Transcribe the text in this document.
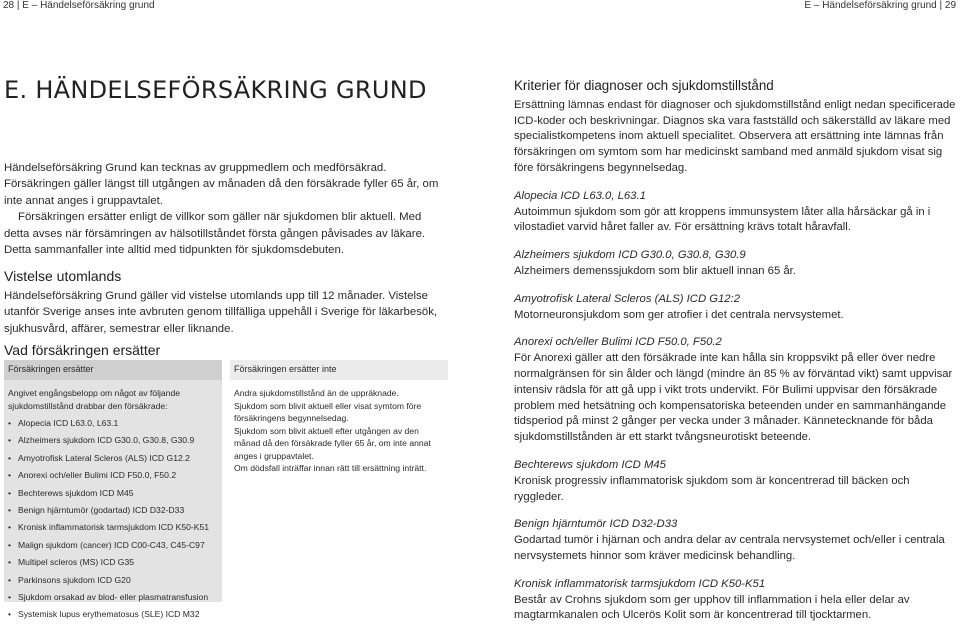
28 | E – Händelseförsäkring grund	E – Händelseförsäkring grund | 29
E. HÄNDELSEFÖRSÄKRING GRUND

Händelseförsäkring Grund kan tecknas av gruppmedlem och medförsäkrad. Försäkringen gäller längst till utgången av månaden då den försäkrade fyller 65 år, om inte annat anges i gruppavtalet.

Försäkringen ersätter enligt de villkor som gäller när sjukdomen blir aktuell. Med detta avses när försämringen av hälsotillståndet första gången påvisades av läkare. Detta sammanfaller inte alltid med tidpunkten för sjukdomsdebuten.

Vistelse utomlands

Händelseförsäkring Grund gäller vid vistelse utomlands upp till 12 månader. Vistelse utanför Sverige anses inte avbruten genom tillfälliga uppehåll i Sverige för läkarbesök, sjukhusvård, affärer, semestrar eller liknande.

Vad försäkringen ersätter
Försäkringen ersätter

Angivet engångsbelopp om något av följande sjukdomstillstånd drabbar den försäkrade:

• Alopecia ICD L63.0, L63.1
• Alzheimers sjukdom ICD G30.0, G30.8, G30.9
• Amyotrofisk Lateral Scleros (ALS) ICD G12.2
• Anorexi och/eller Bulimi ICD F50.0, F50.2
• Bechterews sjukdom ICD M45
• Benign hjärntumör (godartad) ICD D32-D33
• Kronisk inflammatorisk tarmsjukdom ICD K50-K51
• Malign sjukdom (cancer) ICD C00-C43, C45-C97
• Multipel scleros (MS) ICD G35
• Parkinsons sjukdom ICD G20
• Sjukdom orsakad av blod- eller plasmatransfusion
• Systemisk lupus erythematosus (SLE) ICD M32
Försäkringen ersätter inte

Andra sjukdomstillstånd än de uppräknade.

Sjukdom som blivit aktuell eller visat symtom före försäkringens begynnelsedag.

Sjukdom som blivit aktuell efter utgången av den månad då den försäkrade fyller 65 år, om inte annat anges i gruppavtalet.

Om dödsfall inträffar innan rätt till ersättning inträtt.

Kriterier för diagnoser och sjukdomstillstånd

Ersättning lämnas endast för diagnoser och sjukdomstillstånd enligt nedan specificerade ICD-koder och beskrivningar. Diagnos ska vara fastställd och säkerställd av läkare med specialistkompetens inom aktuell specialitet. Observera att ersättning inte lämnas från försäkringen om symtom som har medicinskt samband med anmäld sjukdom visat sig före försäkringens begynnelsedag.

Alopecia ICD L63.0, L63.1

Autoimmun sjukdom som gör att kroppens immunsystem låter alla hårsäckar gå in i vilostadiet varvid håret faller av. För ersättning krävs totalt håravfall.

Alzheimers sjukdom ICD G30.0, G30.8, G30.9

Alzheimers demenssjukdom som blir aktuell innan 65 år.

Amyotrofisk Lateral Scleros (ALS) ICD G12:2

Motorneuronsjukdom som ger atrofier i det centrala nervsystemet.

Anorexi och/eller Bulimi ICD F50.0, F50.2

För Anorexi gäller att den försäkrade inte kan hålla sin kroppsvikt på eller över nedre normalgränsen för sin ålder och längd (mindre än 85 % av förväntad vikt) samt uppvisar intensiv rädsla för att gå upp i vikt trots undervikt. För Bulimi uppvisar den försäkrade problem med hetsätning och kompensatoriska beteenden under en sammanhängande tidsperiod på minst 2 gånger per vecka under 3 månader. Kännetecknande för båda sjukdomstillstånden är ett starkt tvångsneurotiskt beteende.

Bechterews sjukdom ICD M45

Kronisk progressiv inflammatorisk sjukdom som är koncentrerad till bäcken och ryggleder.

Benign hjärntumör ICD D32-D33

Godartad tumör i hjärnan och andra delar av centrala nervsystemet och/eller i centrala nervsystemets hinnor som kräver medicinsk behandling.

Kronisk inflammatorisk tarmsjukdom ICD K50-K51

Består av Crohns sjukdom som ger upphov till inflammation i hela eller delar av magtarmkanalen och Ulcerös Kolit som är koncentrerad till tjocktarmen.
